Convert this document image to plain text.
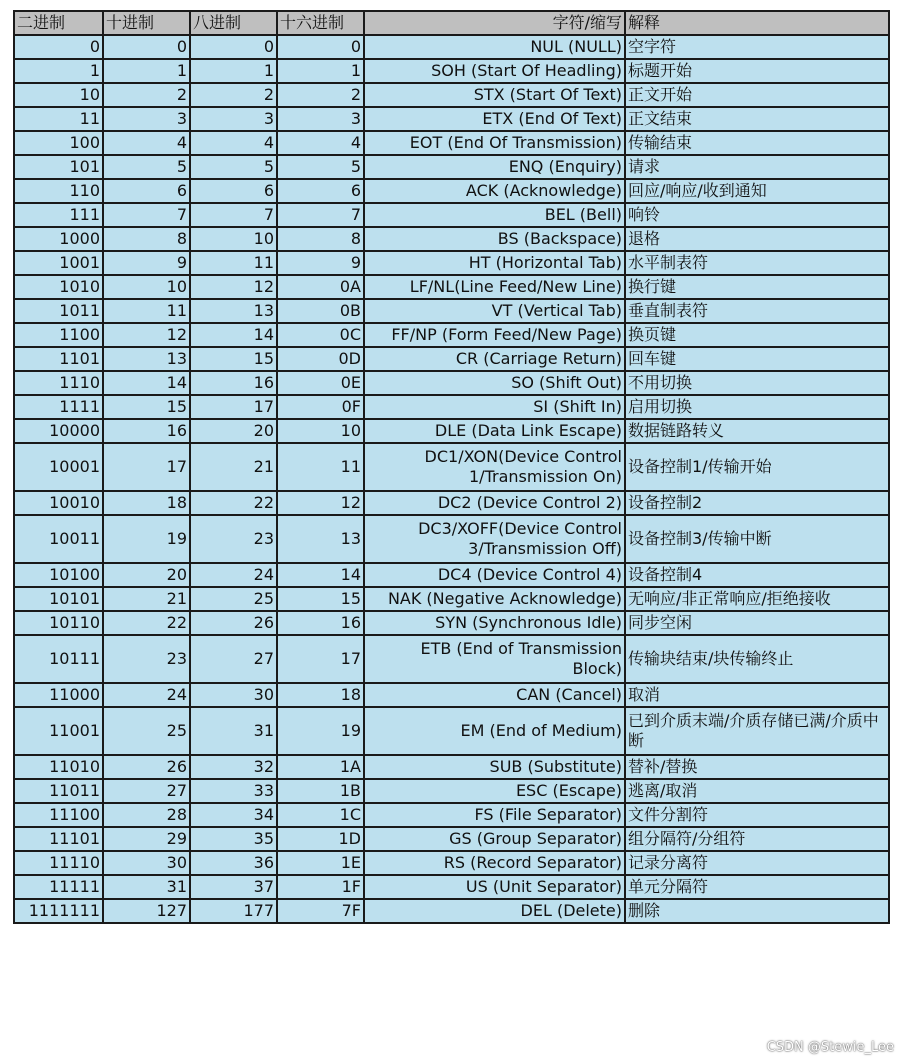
二进制	十进制	八进制	十六进制	字符/缩写	解释
0	0	0	0	NUL (NULL)	空字符
1	1	1	1	SOH (Start Of Headling)	标题开始
10	2	2	2	STX (Start Of Text)	正文开始
11	3	3	3	ETX (End Of Text)	正文结束
100	4	4	4	EOT (End Of Transmission)	传输结束
101	5	5	5	ENQ (Enquiry)	请求
110	6	6	6	ACK (Acknowledge)	回应/响应/收到通知
111	7	7	7	BEL (Bell)	响铃
1000	8	10	8	BS (Backspace)	退格
1001	9	11	9	HT (Horizontal Tab)	水平制表符
1010	10	12	0A	LF/NL(Line Feed/New Line)	换行键
1011	11	13	0B	VT (Vertical Tab)	垂直制表符
1100	12	14	0C	FF/NP (Form Feed/New Page)	换页键
1101	13	15	0D	CR (Carriage Return)	回车键
1110	14	16	0E	SO (Shift Out)	不用切换
1111	15	17	0F	SI (Shift In)	启用切换
10000	16	20	10	DLE (Data Link Escape)	数据链路转义
10001	17	21	11	DC1/XON(Device Control 1/Transmission On)	设备控制1/传输开始
10010	18	22	12	DC2 (Device Control 2)	设备控制2
10011	19	23	13	DC3/XOFF(Device Control 3/Transmission Off)	设备控制3/传输中断
10100	20	24	14	DC4 (Device Control 4)	设备控制4
10101	21	25	15	NAK (Negative Acknowledge)	无响应/非正常响应/拒绝接收
10110	22	26	16	SYN (Synchronous Idle)	同步空闲
10111	23	27	17	ETB (End of Transmission Block)	传输块结束/块传输终止
11000	24	30	18	CAN (Cancel)	取消
11001	25	31	19	EM (End of Medium)	已到介质末端/介质存储已满/介质中断
11010	26	32	1A	SUB (Substitute)	替补/替换
11011	27	33	1B	ESC (Escape)	逃离/取消
11100	28	34	1C	FS (File Separator)	文件分割符
11101	29	35	1D	GS (Group Separator)	组分隔符/分组符
11110	30	36	1E	RS (Record Separator)	记录分离符
11111	31	37	1F	US (Unit Separator)	单元分隔符
1111111	127	177	7F	DEL (Delete)	删除
CSDN @Stewie_Lee
